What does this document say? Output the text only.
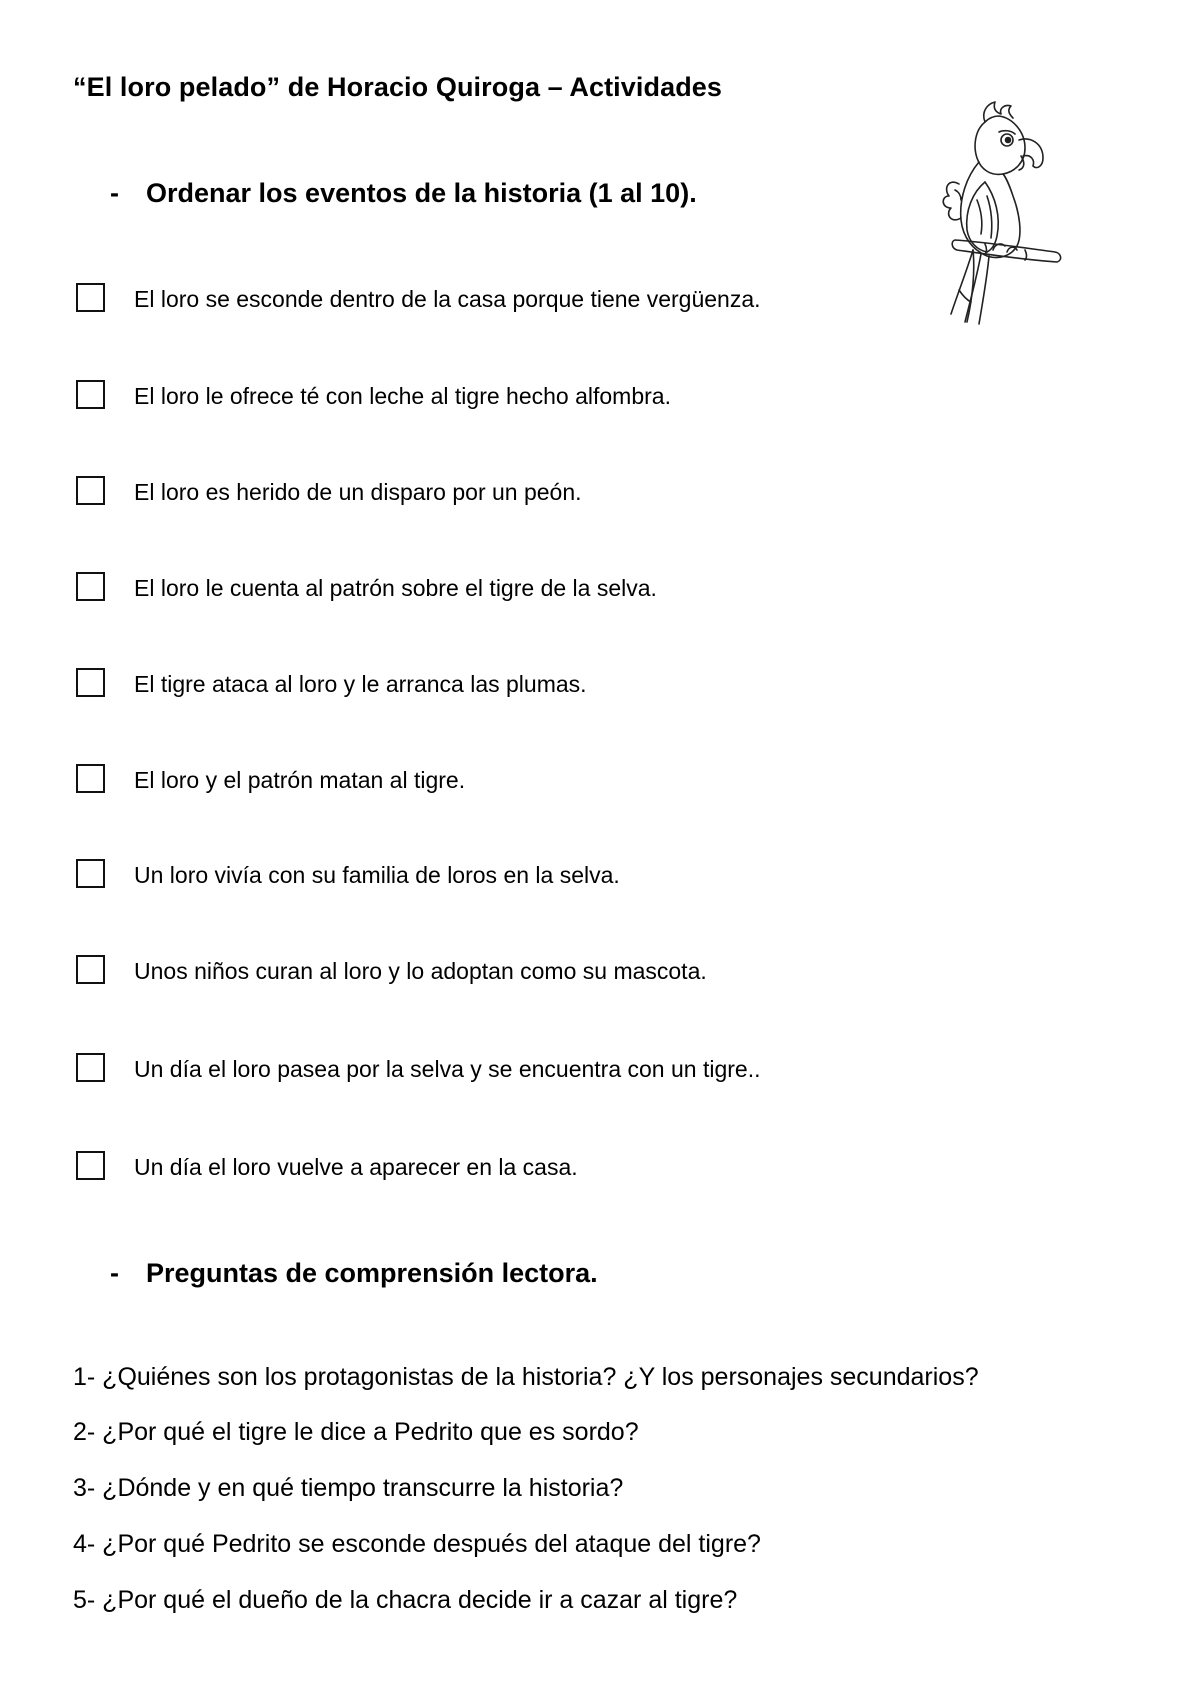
“El loro pelado” de Horacio Quiroga – Actividades
- Ordenar los eventos de la historia (1 al 10).
El loro se esconde dentro de la casa porque tiene vergüenza.
El loro le ofrece té con leche al tigre hecho alfombra.
El loro es herido de un disparo por un peón.
El loro le cuenta al patrón sobre el tigre de la selva.
El tigre ataca al loro y le arranca las plumas.
El loro y el patrón matan al tigre.
Un loro vivía con su familia de loros en la selva.
Unos niños curan al loro y lo adoptan como su mascota.
Un día el loro pasea por la selva y se encuentra con un tigre..
Un día el loro vuelve a aparecer en la casa.
- Preguntas de comprensión lectora.
1- ¿Quiénes son los protagonistas de la historia? ¿Y los personajes secundarios?
2- ¿Por qué el tigre le dice a Pedrito que es sordo?
3- ¿Dónde y en qué tiempo transcurre la historia?
4- ¿Por qué Pedrito se esconde después del ataque del tigre?
5- ¿Por qué el dueño de la chacra decide ir a cazar al tigre?
